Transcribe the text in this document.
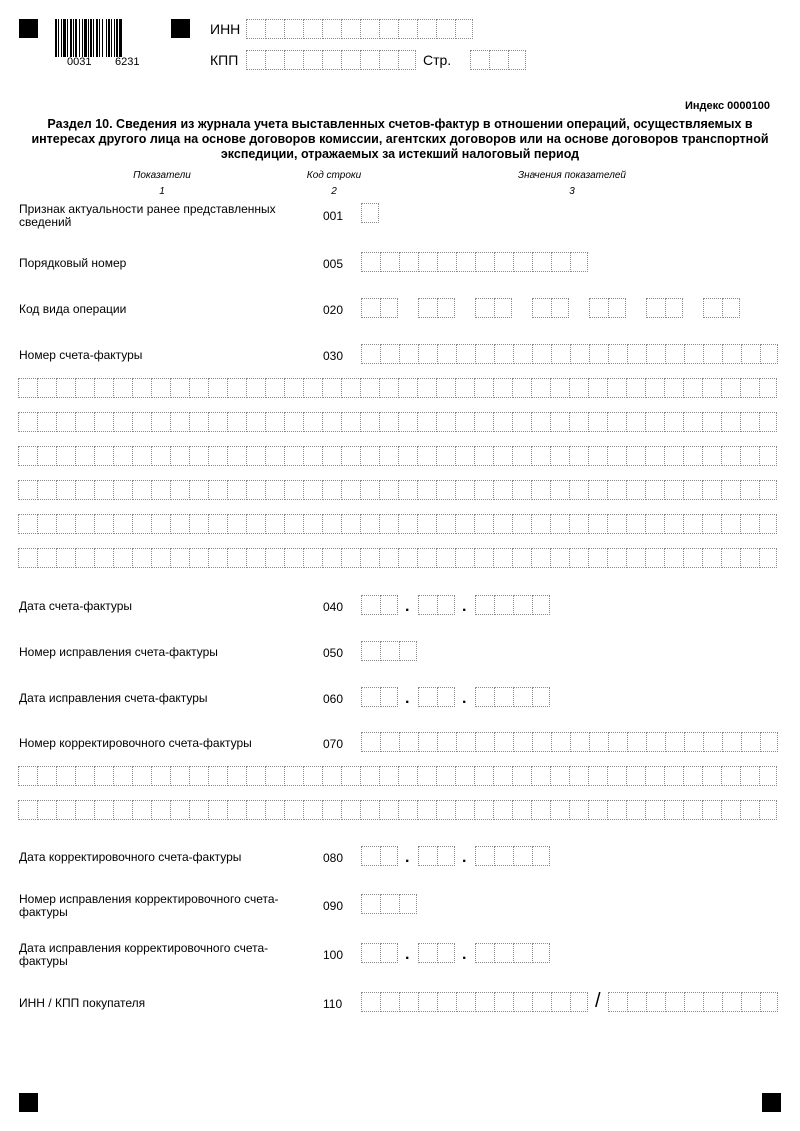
0031 6231
ИНН
КПП	Стр.
Индекс 0000100
Раздел 10. Сведения из журнала учета выставленных счетов-фактур в отношении операций, осуществляемых в интересах другого лица на основе договоров комиссии, агентских договоров или на основе договоров транспортной экспедиции, отражаемых за истекший налоговый период
Показатели
1
Код строки
2
Значения показателей
3
Признак актуальности ранее представленных сведений	001
Порядковый номер	005
Код вида операции	020
Номер счета-фактуры	030
Дата счета-фактуры	040
Номер исправления счета-фактуры	050
Дата исправления счета-фактуры	060
Номер корректировочного счета-фактуры	070
Дата корректировочного счета-фактуры	080
Номер исправления корректировочного счета-фактуры	090
Дата исправления корректировочного счета-фактуры	100
ИНН / КПП покупателя	110
.	.
.	.
.	.
.	.
/
